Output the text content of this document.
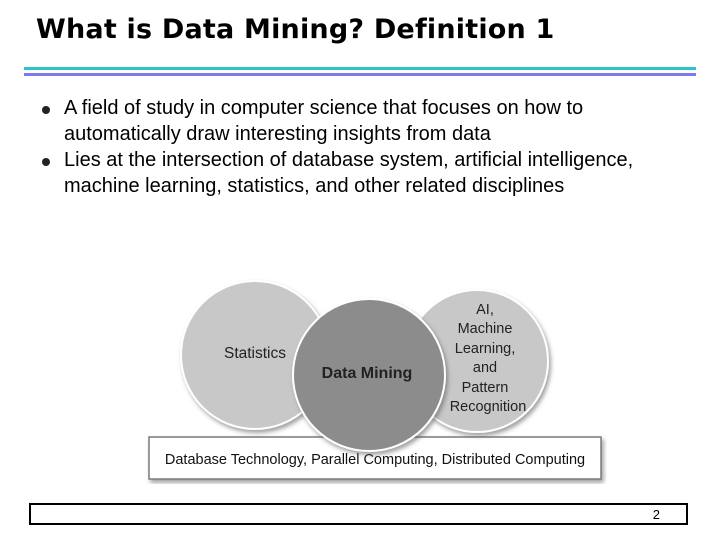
What is Data Mining? Definition 1
A field of study in computer science that focuses on how to automatically draw interesting insights from data
Lies at the intersection of database system, artificial intelligence, machine learning, statistics, and other related disciplines
Database Technology, Parallel Computing, Distributed Computing
Statistics
Data Mining
AI,
Machine
Learning,
and
Pattern
Recognition
2
